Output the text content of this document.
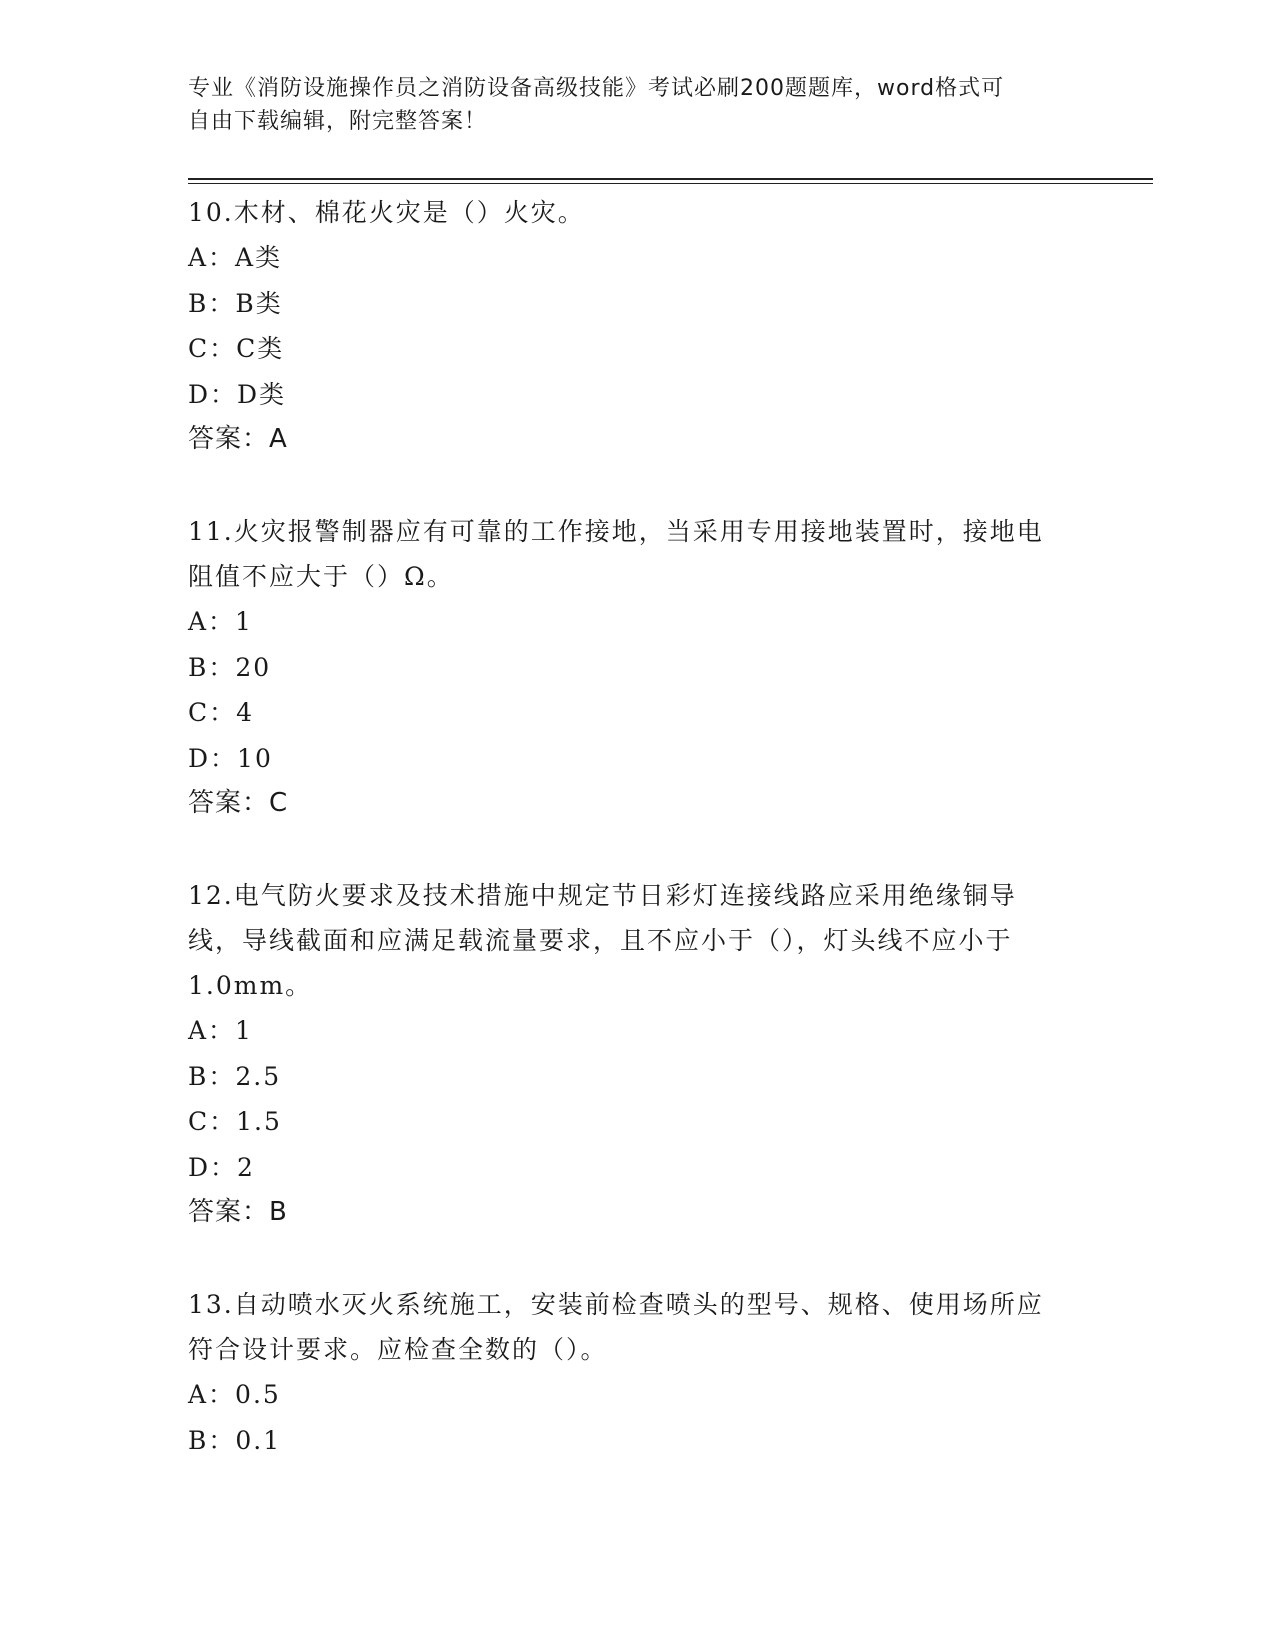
专业《消防设施操作员之消防设备高级技能》考试必刷200题题库，word格式可
自由下载编辑，附完整答案！
10.木材、棉花火灾是（）火灾。
A：A类
B：B类
C：C类
D：D类
答案：A
11.火灾报警制器应有可靠的工作接地，当采用专用接地装置时，接地电阻值不应大于（）Ω。
A：1
B：20
C：4
D：10
答案：C
12.电气防火要求及技术措施中规定节日彩灯连接线路应采用绝缘铜导线，导线截面和应满足载流量要求，且不应小于（），灯头线不应小于1.0mm。
A：1
B：2.5
C：1.5
D：2
答案：B
13.自动喷水灭火系统施工，安装前检查喷头的型号、规格、使用场所应符合设计要求。应检查全数的（）。
A：0.5
B：0.1
